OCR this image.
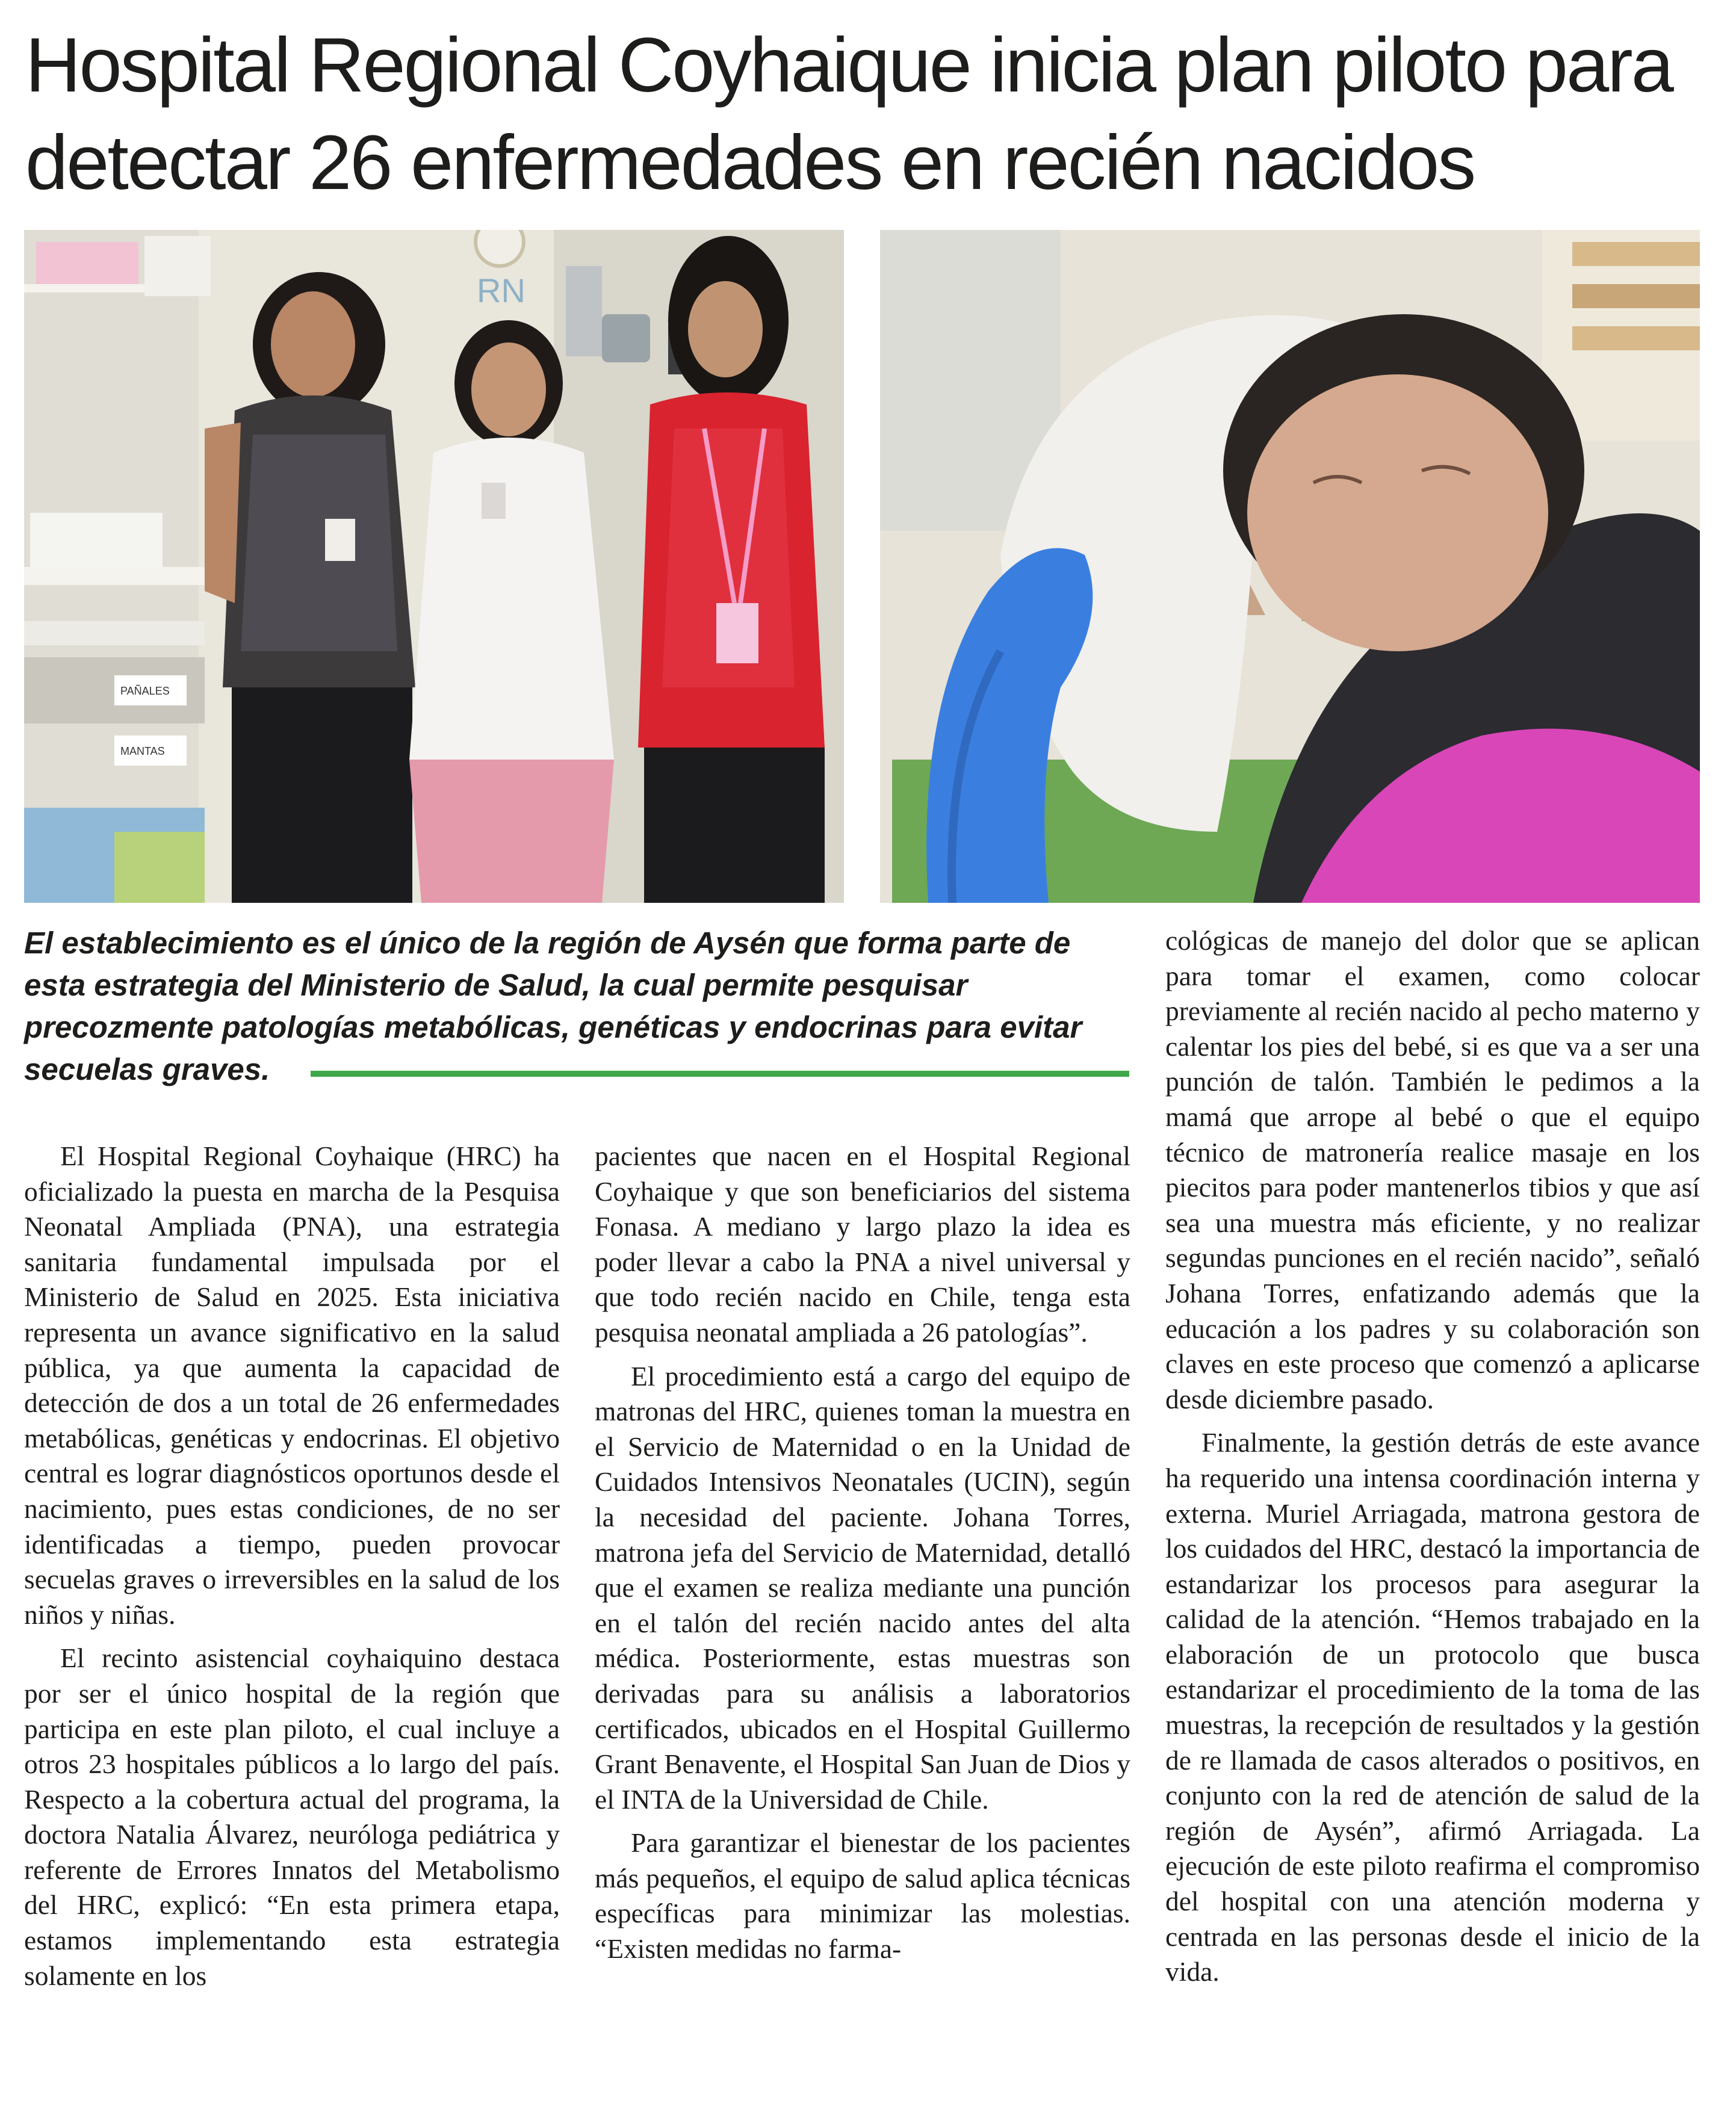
Hospital Regional Coyhaique inicia plan piloto para detectar 26 enfermedades en recién nacidos
PAÑALES
MANTAS
RN
El establecimiento es el único de la región de Aysén que forma parte de esta estrategia del Ministerio de Salud, la cual permite pesquisar precozmente patologías metabólicas, genéticas y endocrinas para evitar secuelas graves.

El Hospital Regional Coyhaique (HRC) ha oficializado la puesta en marcha de la Pesquisa Neonatal Ampliada (PNA), una estrategia sanitaria fundamental impulsada por el Ministerio de Salud en 2025. Esta iniciativa representa un avance significativo en la salud pública, ya que aumenta la capacidad de detección de dos a un total de 26 enfermedades metabólicas, genéticas y endocrinas. El objetivo central es lograr diagnósticos oportunos desde el nacimiento, pues estas condiciones, de no ser identificadas a tiempo, pueden provocar secuelas graves o irreversibles en la salud de los niños y niñas.

El recinto asistencial coyhaiquino destaca por ser el único hospital de la región que participa en este plan piloto, el cual incluye a otros 23 hospitales públicos a lo largo del país. Respecto a la cobertura actual del programa, la doctora Natalia Álvarez, neuróloga pediátrica y referente de Errores Innatos del Metabolismo del HRC, explicó: “En esta primera etapa, estamos implementando esta estrategia solamente en los

pacientes que nacen en el Hospital Regional Coyhaique y que son beneficiarios del sistema Fonasa. A mediano y largo plazo la idea es poder llevar a cabo la PNA a nivel universal y que todo recién nacido en Chile, tenga esta pesquisa neonatal ampliada a 26 patologías”.

El procedimiento está a cargo del equipo de matronas del HRC, quienes toman la muestra en el Servicio de Maternidad o en la Unidad de Cuidados Intensivos Neonatales (UCIN), según la necesidad del paciente. Johana Torres, matrona jefa del Servicio de Maternidad, detalló que el examen se realiza mediante una punción en el talón del recién nacido antes del alta médica. Posteriormente, estas muestras son derivadas para su análisis a laboratorios certificados, ubicados en el Hospital Guillermo Grant Benavente, el Hospital San Juan de Dios y el INTA de la Universidad de Chile.

Para garantizar el bienestar de los pacientes más pequeños, el equipo de salud aplica técnicas específicas para minimizar las molestias. “Existen medidas no farma-

cológicas de manejo del dolor que se aplican para tomar el examen, como colocar previamente al recién nacido al pecho materno y calentar los pies del bebé, si es que va a ser una punción de talón. También le pedimos a la mamá que arrope al bebé o que el equipo técnico de matronería realice masaje en los piecitos para poder mantenerlos tibios y que así sea una muestra más eficiente, y no realizar segundas punciones en el recién nacido”, señaló Johana Torres, enfatizando además que la educación a los padres y su colaboración son claves en este proceso que comenzó a aplicarse desde diciembre pasado.

Finalmente, la gestión detrás de este avance ha requerido una intensa coordinación interna y externa. Muriel Arriagada, matrona gestora de los cuidados del HRC, destacó la importancia de estandarizar los procesos para asegurar la calidad de la atención. “Hemos trabajado en la elaboración de un protocolo que busca estandarizar el procedimiento de la toma de las muestras, la recepción de resultados y la gestión de re llamada de casos alterados o positivos, en conjunto con la red de atención de salud de la región de Aysén”, afirmó Arriagada. La ejecución de este piloto reafirma el compromiso del hospital con una atención moderna y centrada en las personas desde el inicio de la vida.
